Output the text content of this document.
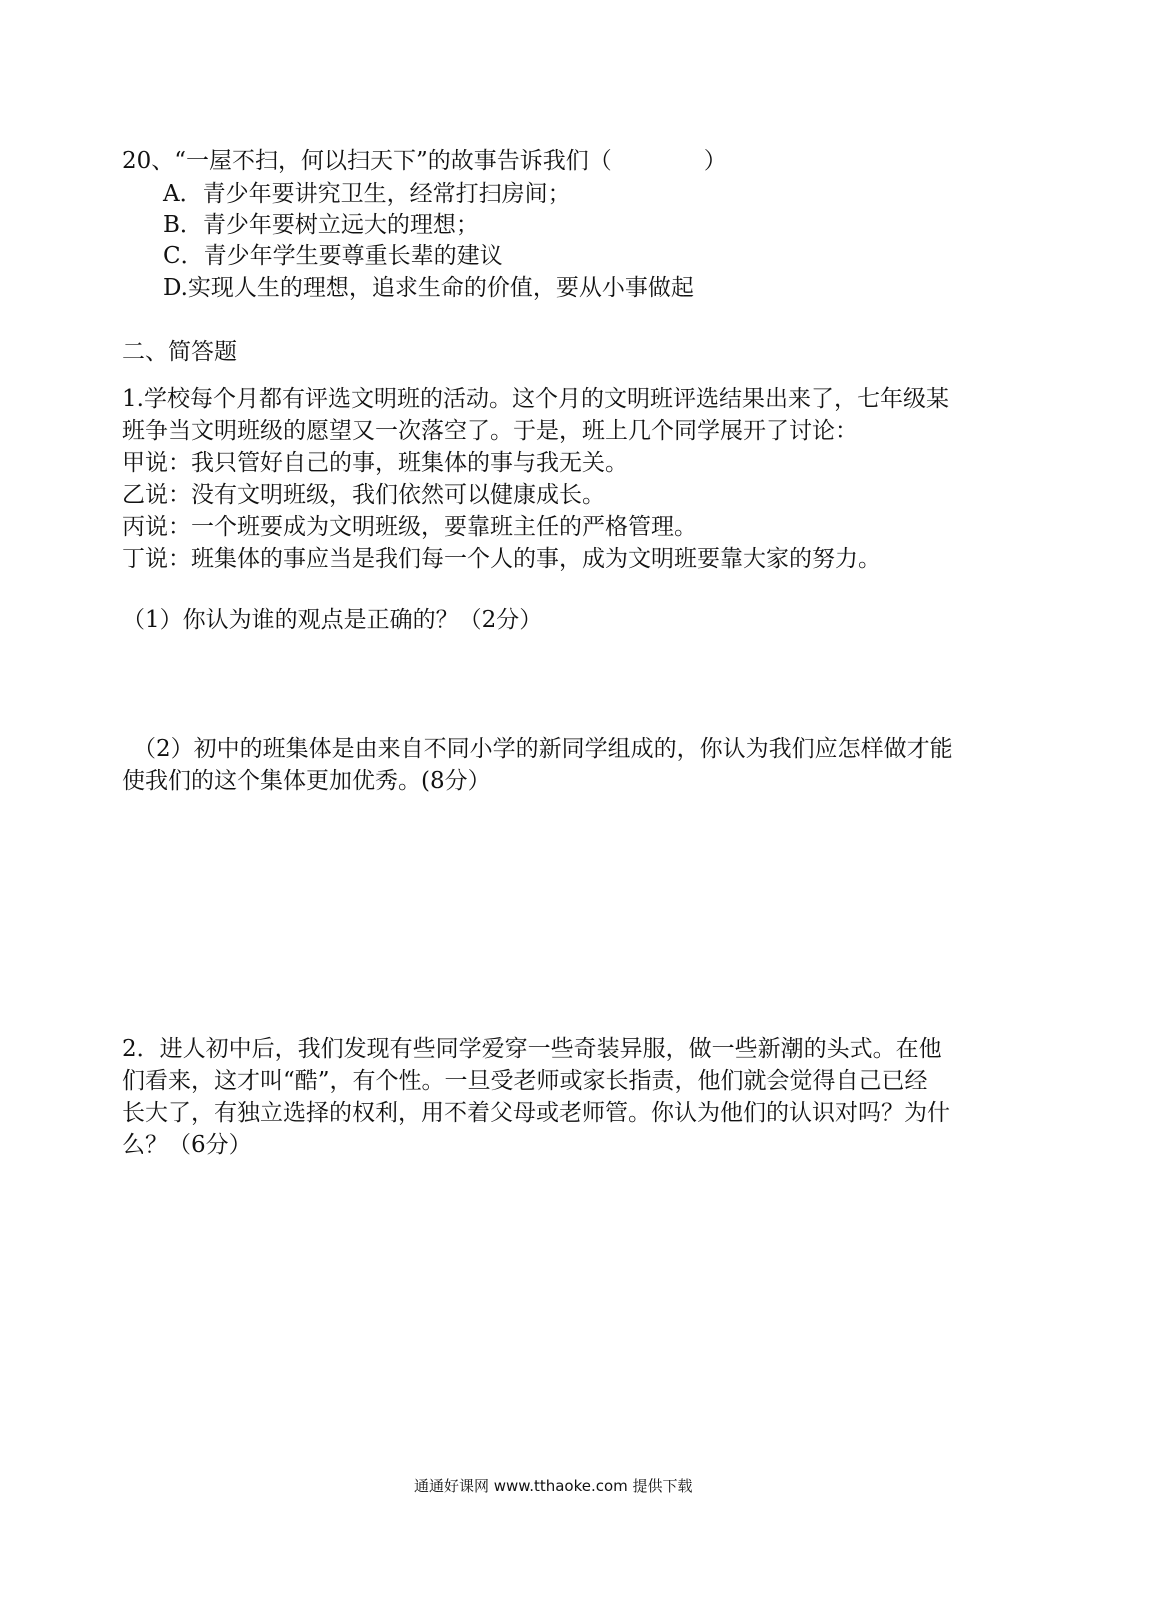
20、“一屋不扫，何以扫天下”的故事告诉我们（　　　　）
A．青少年要讲究卫生，经常打扫房间；
B．青少年要树立远大的理想；
C．青少年学生要尊重长辈的建议
D.实现人生的理想，追求生命的价值，要从小事做起
二、简答题
1.学校每个月都有评选文明班的活动。这个月的文明班评选结果出来了，七年级某
班争当文明班级的愿望又一次落空了。于是，班上几个同学展开了讨论：
甲说：我只管好自己的事，班集体的事与我无关。
乙说：没有文明班级，我们依然可以健康成长。
丙说：一个班要成为文明班级，要靠班主任的严格管理。
丁说：班集体的事应当是我们每一个人的事，成为文明班要靠大家的努力。
（1）你认为谁的观点是正确的？（2分）
（2）初中的班集体是由来自不同小学的新同学组成的，你认为我们应怎样做才能
使我们的这个集体更加优秀。(8分）
2．进人初中后，我们发现有些同学爱穿一些奇装异服，做一些新潮的头式。在他
们看来，这才叫“酷”，有个性。一旦受老师或家长指责，他们就会觉得自己已经
长大了，有独立选择的权利，用不着父母或老师管。你认为他们的认识对吗？为什
么？（6分）
通通好课网 www.tthaoke.com 提供下载
